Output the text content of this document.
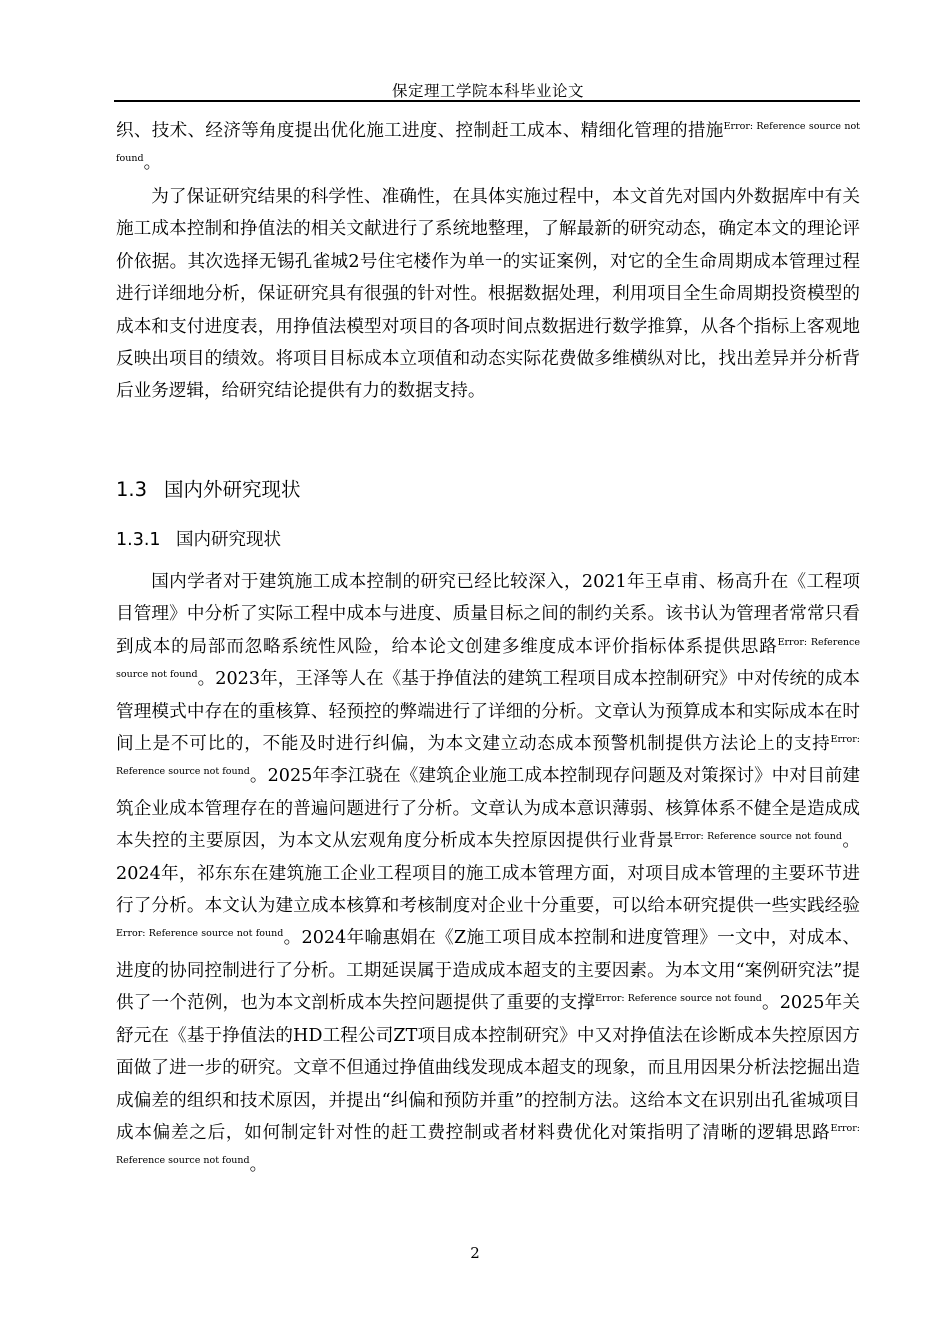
保定理工学院本科毕业论文

织、技术、经济等角度提出优化施工进度、控制赶工成本、精细化管理的措施$^{Error: Reference source not found}$。

为了保证研究结果的科学性、准确性，在具体实施过程中，本文首先对国内外数据库中有关施工成本控制和挣值法的相关文献进行了系统地整理，了解最新的研究动态，确定本文的理论评价依据。其次选择无锡孔雀城2号住宅楼作为单一的实证案例，对它的全生命周期成本管理过程进行详细地分析，保证研究具有很强的针对性。根据数据处理，利用项目全生命周期投资模型的成本和支付进度表，用挣值法模型对项目的各项时间点数据进行数学推算，从各个指标上客观地反映出项目的绩效。将项目目标成本立项值和动态实际花费做多维横纵对比，找出差异并分析背后业务逻辑，给研究结论提供有力的数据支持。

1.3 国内外研究现状
1.3.1 国内研究现状

国内学者对于建筑施工成本控制的研究已经比较深入，2021年王卓甫、杨高升在《工程项目管理》中分析了实际工程中成本与进度、质量目标之间的制约关系。该书认为管理者常常只看到成本的局部而忽略系统性风险，给本论文创建多维度成本评价指标体系提供思路$^{Error: Reference source not found}$。2023年，王泽等人在《基于挣值法的建筑工程项目成本控制研究》中对传统的成本管理模式中存在的重核算、轻预控的弊端进行了详细的分析。文章认为预算成本和实际成本在时间上是不可比的，不能及时进行纠偏，为本文建立动态成本预警机制提供方法论上的支持$^{Error: Reference source not found}$。2025年李江骁在《建筑企业施工成本控制现存问题及对策探讨》中对目前建筑企业成本管理存在的普遍问题进行了分析。文章认为成本意识薄弱、核算体系不健全是造成成本失控的主要原因，为本文从宏观角度分析成本失控原因提供行业背景$^{Error: Reference source not found}$。2024年，祁东东在建筑施工企业工程项目的施工成本管理方面，对项目成本管理的主要环节进行了分析。本文认为建立成本核算和考核制度对企业十分重要，可以给本研究提供一些实践经验$^{Error: Reference source not found}$。2024年喻惠娟在《Z施工项目成本控制和进度管理》一文中，对成本、进度的协同控制进行了分析。工期延误属于造成成本超支的主要因素。为本文用“案例研究法”提供了一个范例，也为本文剖析成本失控问题提供了重要的支撑$^{Error: Reference source not found}$。2025年关舒元在《基于挣值法的HD工程公司ZT项目成本控制研究》中又对挣值法在诊断成本失控原因方面做了进一步的研究。文章不但通过挣值曲线发现成本超支的现象，而且用因果分析法挖掘出造成偏差的组织和技术原因，并提出“纠偏和预防并重”的控制方法。这给本文在识别出孔雀城项目成本偏差之后，如何制定针对性的赶工费控制或者材料费优化对策指明了清晰的逻辑思路$^{Error: Reference source not found}$。

2
